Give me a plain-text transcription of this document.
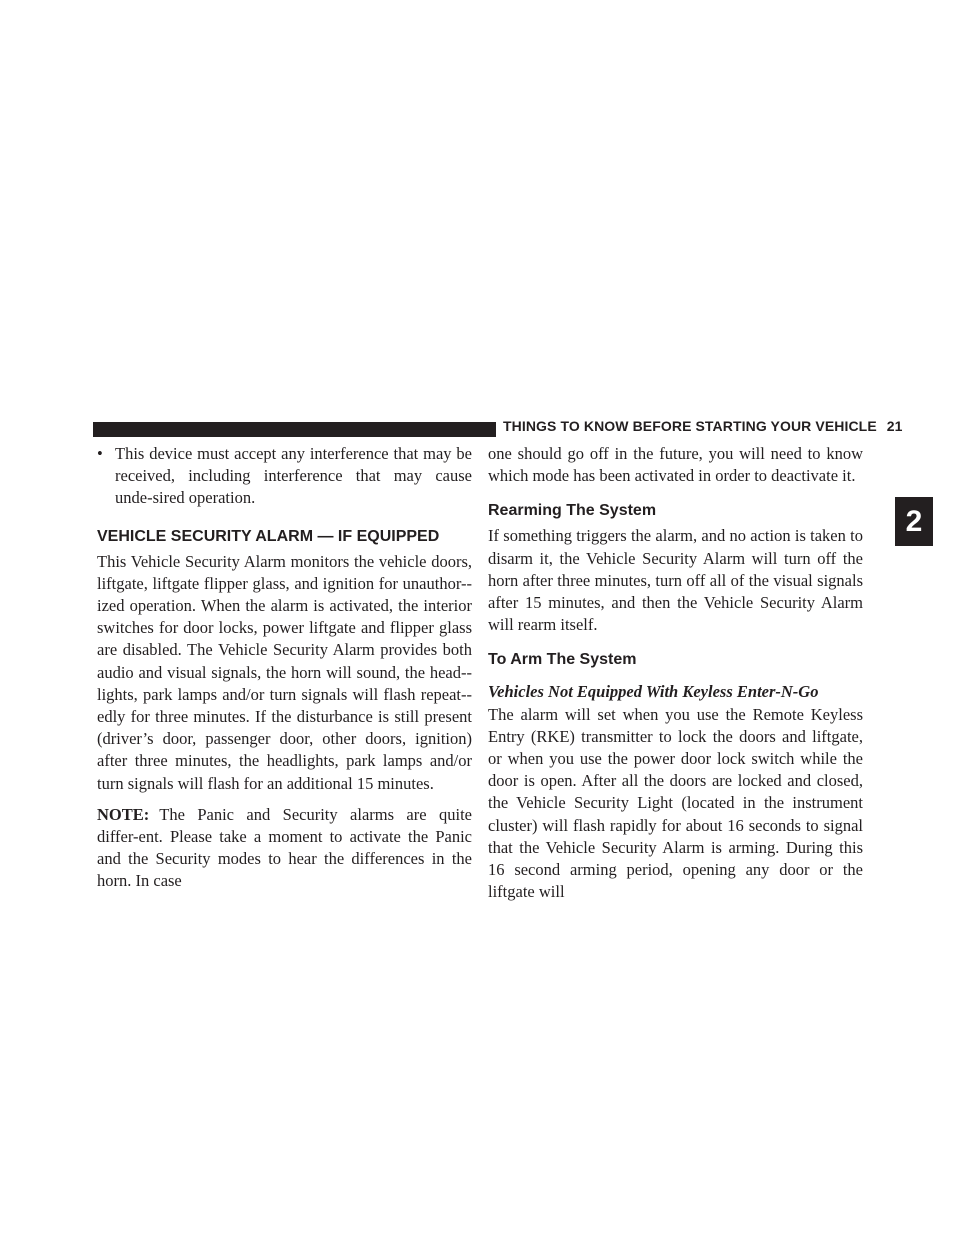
THINGS TO KNOW BEFORE STARTING YOUR VEHICLE 21
2
• This device must accept any interference that may be received, including interference that may cause unde-sired operation.
VEHICLE SECURITY ALARM — IF EQUIPPED

This Vehicle Security Alarm monitors the vehicle doors, liftgate, liftgate flipper glass, and ignition for unauthor-ized operation. When the alarm is activated, the interior switches for door locks, power liftgate and flipper glass are disabled. The Vehicle Security Alarm provides both audio and visual signals, the horn will sound, the head-lights, park lamps and/or turn signals will flash repeat-edly for three minutes. If the disturbance is still present (driver’s door, passenger door, other doors, ignition) after three minutes, the headlights, park lamps and/or turn signals will flash for an additional 15 minutes.

NOTE: The Panic and Security alarms are quite differ-ent. Please take a moment to activate the Panic and the Security modes to hear the differences in the horn. In case

one should go off in the future, you will need to know which mode has been activated in order to deactivate it.

Rearming The System

If something triggers the alarm, and no action is taken to disarm it, the Vehicle Security Alarm will turn off the horn after three minutes, turn off all of the visual signals after 15 minutes, and then the Vehicle Security Alarm will rearm itself.

To Arm The System

Vehicles Not Equipped With Keyless Enter-N-Go

The alarm will set when you use the Remote Keyless Entry (RKE) transmitter to lock the doors and liftgate, or when you use the power door lock switch while the door is open. After all the doors are locked and closed, the Vehicle Security Light (located in the instrument cluster) will flash rapidly for about 16 seconds to signal that the Vehicle Security Alarm is arming. During this 16 second arming period, opening any door or the liftgate will
